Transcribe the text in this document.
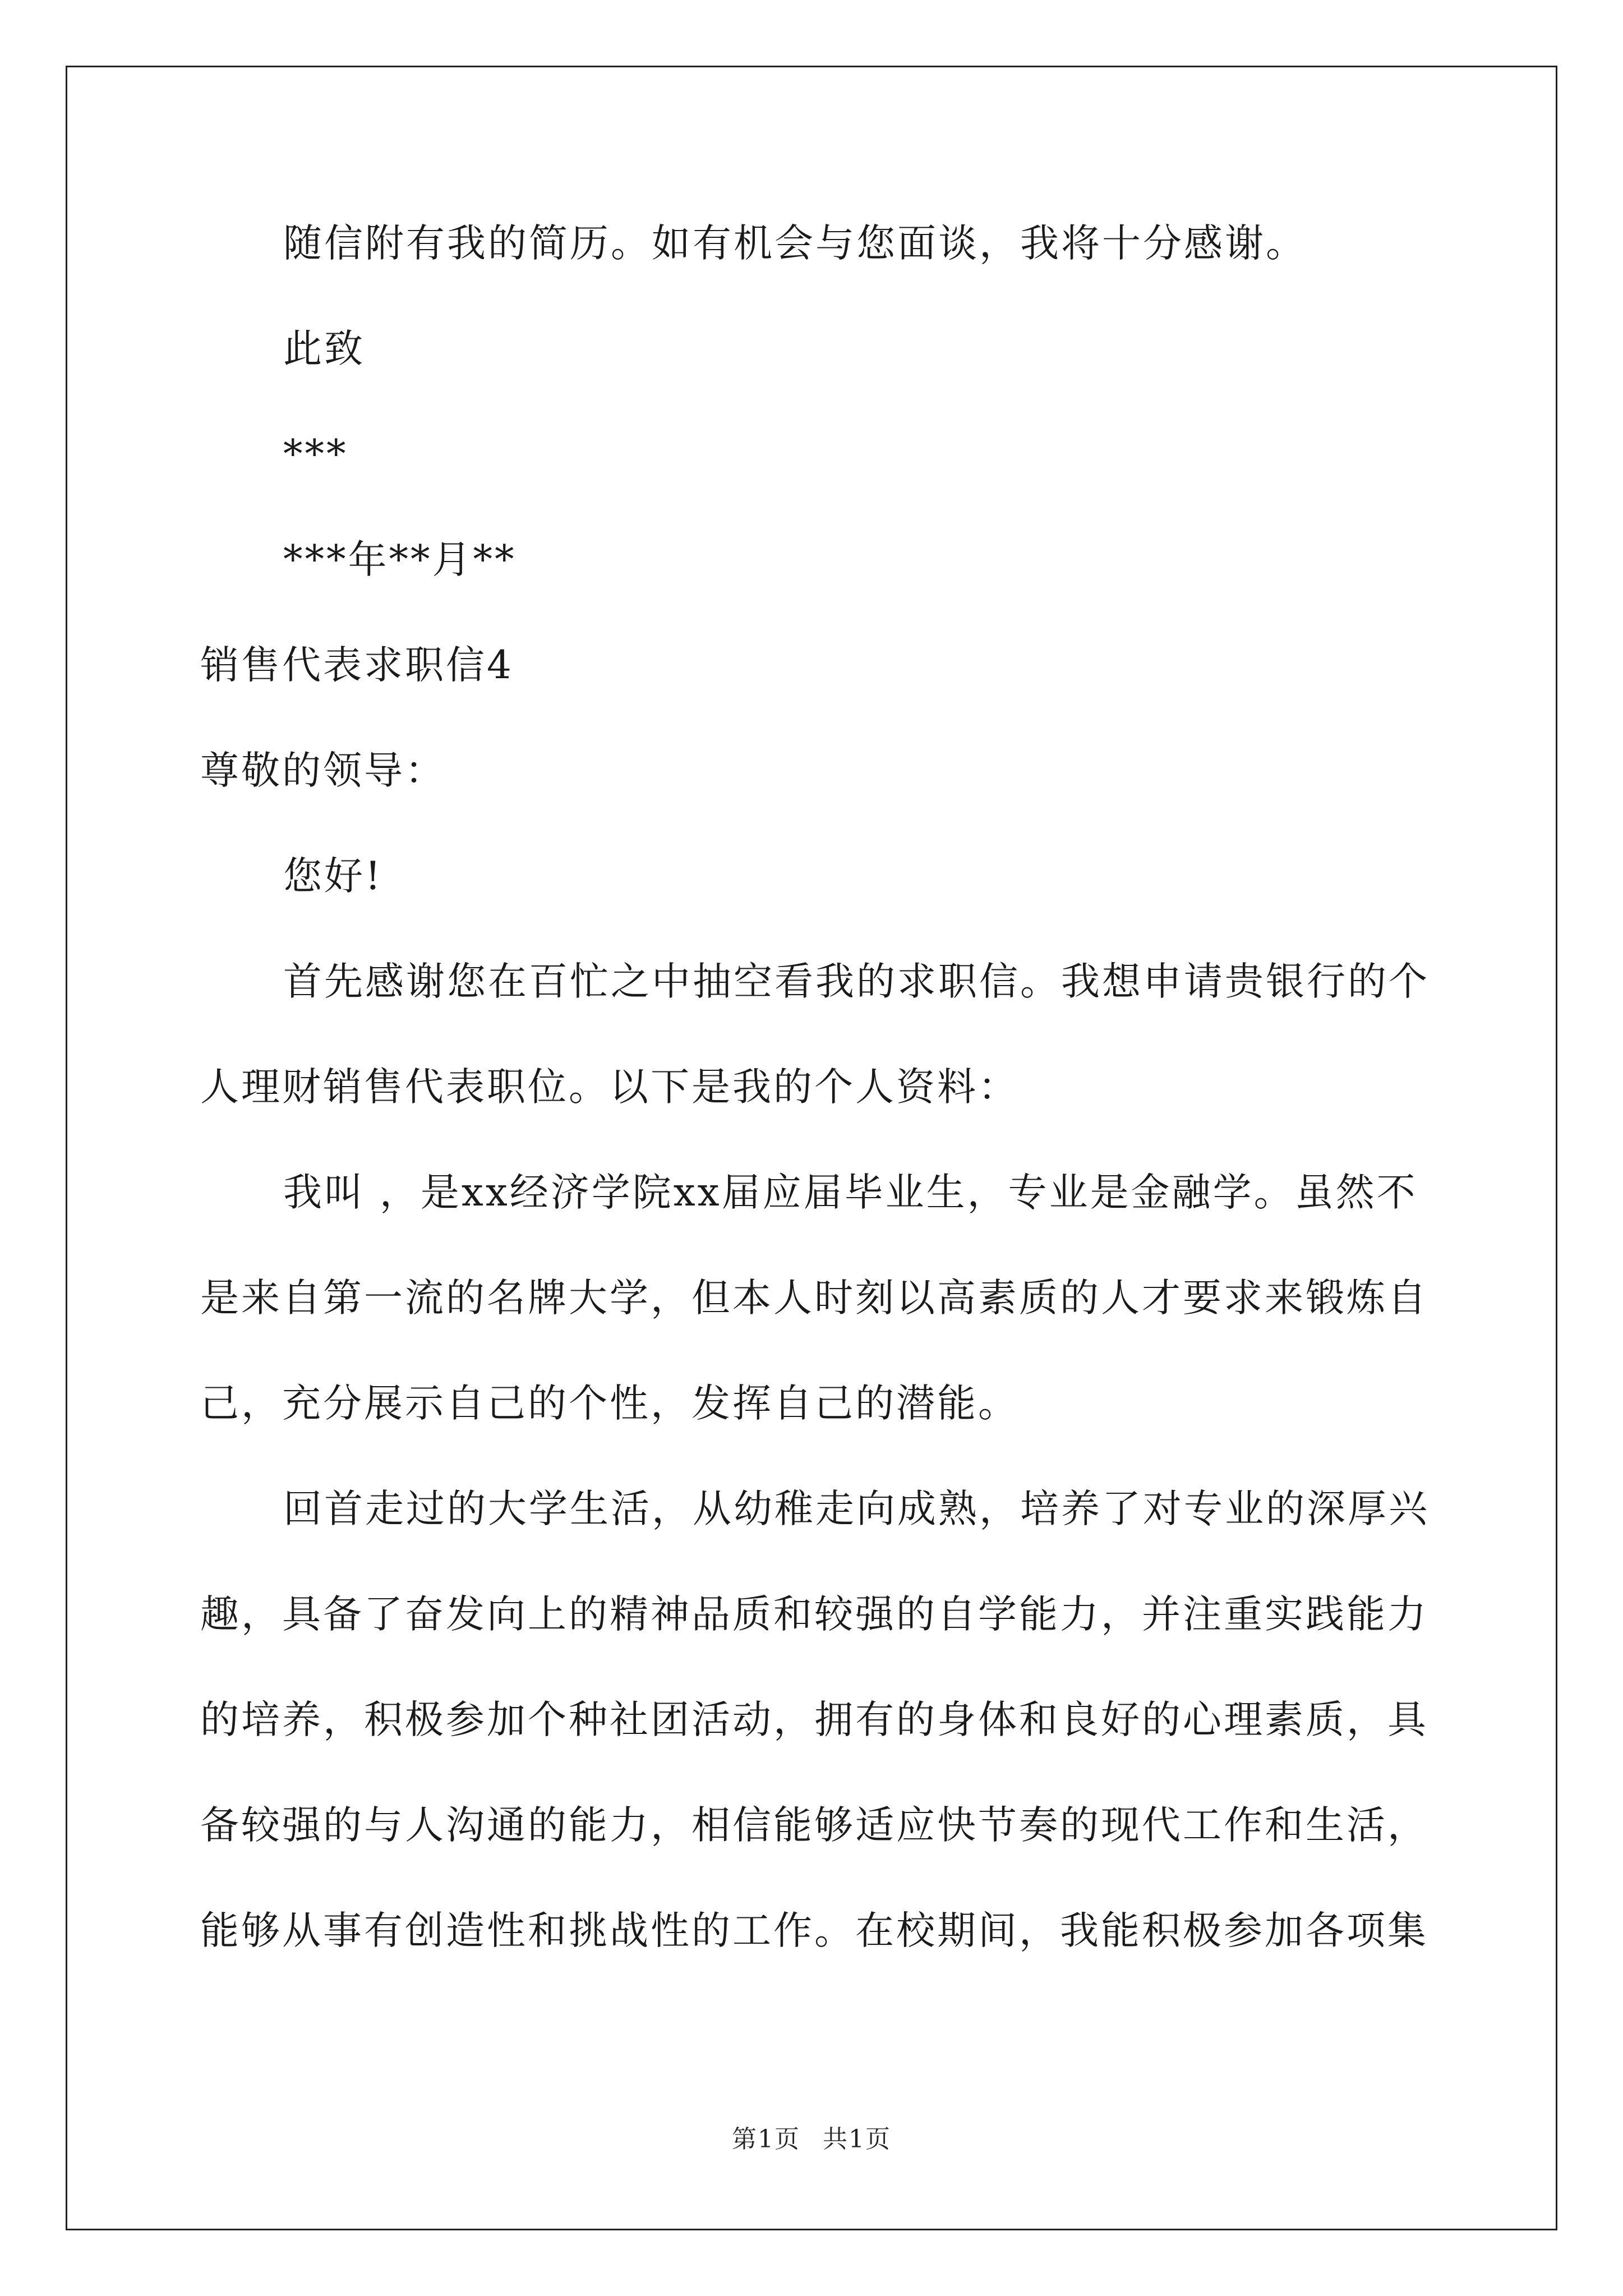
随信附有我的简历。如有机会与您面谈，我将十分感谢。
此致
***
***年**月**
销售代表求职信4
尊敬的领导：
您好!
首先感谢您在百忙之中抽空看我的求职信。我想申请贵银行的个
人理财销售代表职位。以下是我的个人资料：
我叫 ，是xx经济学院xx届应届毕业生，专业是金融学。虽然不
是来自第一流的名牌大学，但本人时刻以高素质的人才要求来锻炼自
己，充分展示自己的个性，发挥自己的潜能。
回首走过的大学生活，从幼稚走向成熟，培养了对专业的深厚兴
趣，具备了奋发向上的精神品质和较强的自学能力，并注重实践能力
的培养，积极参加个种社团活动，拥有的身体和良好的心理素质，具
备较强的与人沟通的能力，相信能够适应快节奏的现代工作和生活，
能够从事有创造性和挑战性的工作。在校期间，我能积极参加各项集
第1页 共1页
